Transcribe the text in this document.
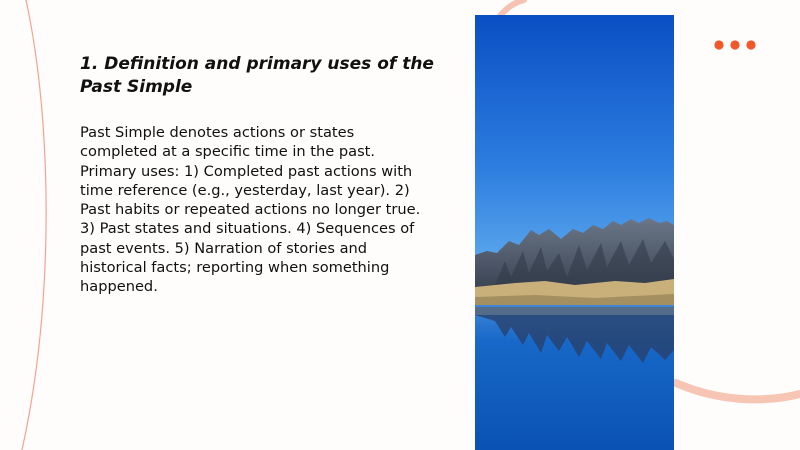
1. Definition and primary uses of the Past Simple

Past Simple denotes actions or states completed at a specific time in the past. Primary uses: 1) Completed past actions with time reference (e.g., yesterday, last year). 2) Past habits or repeated actions no longer true. 3) Past states and situations. 4) Sequences of past events. 5) Narration of stories and historical facts; reporting when something happened.
